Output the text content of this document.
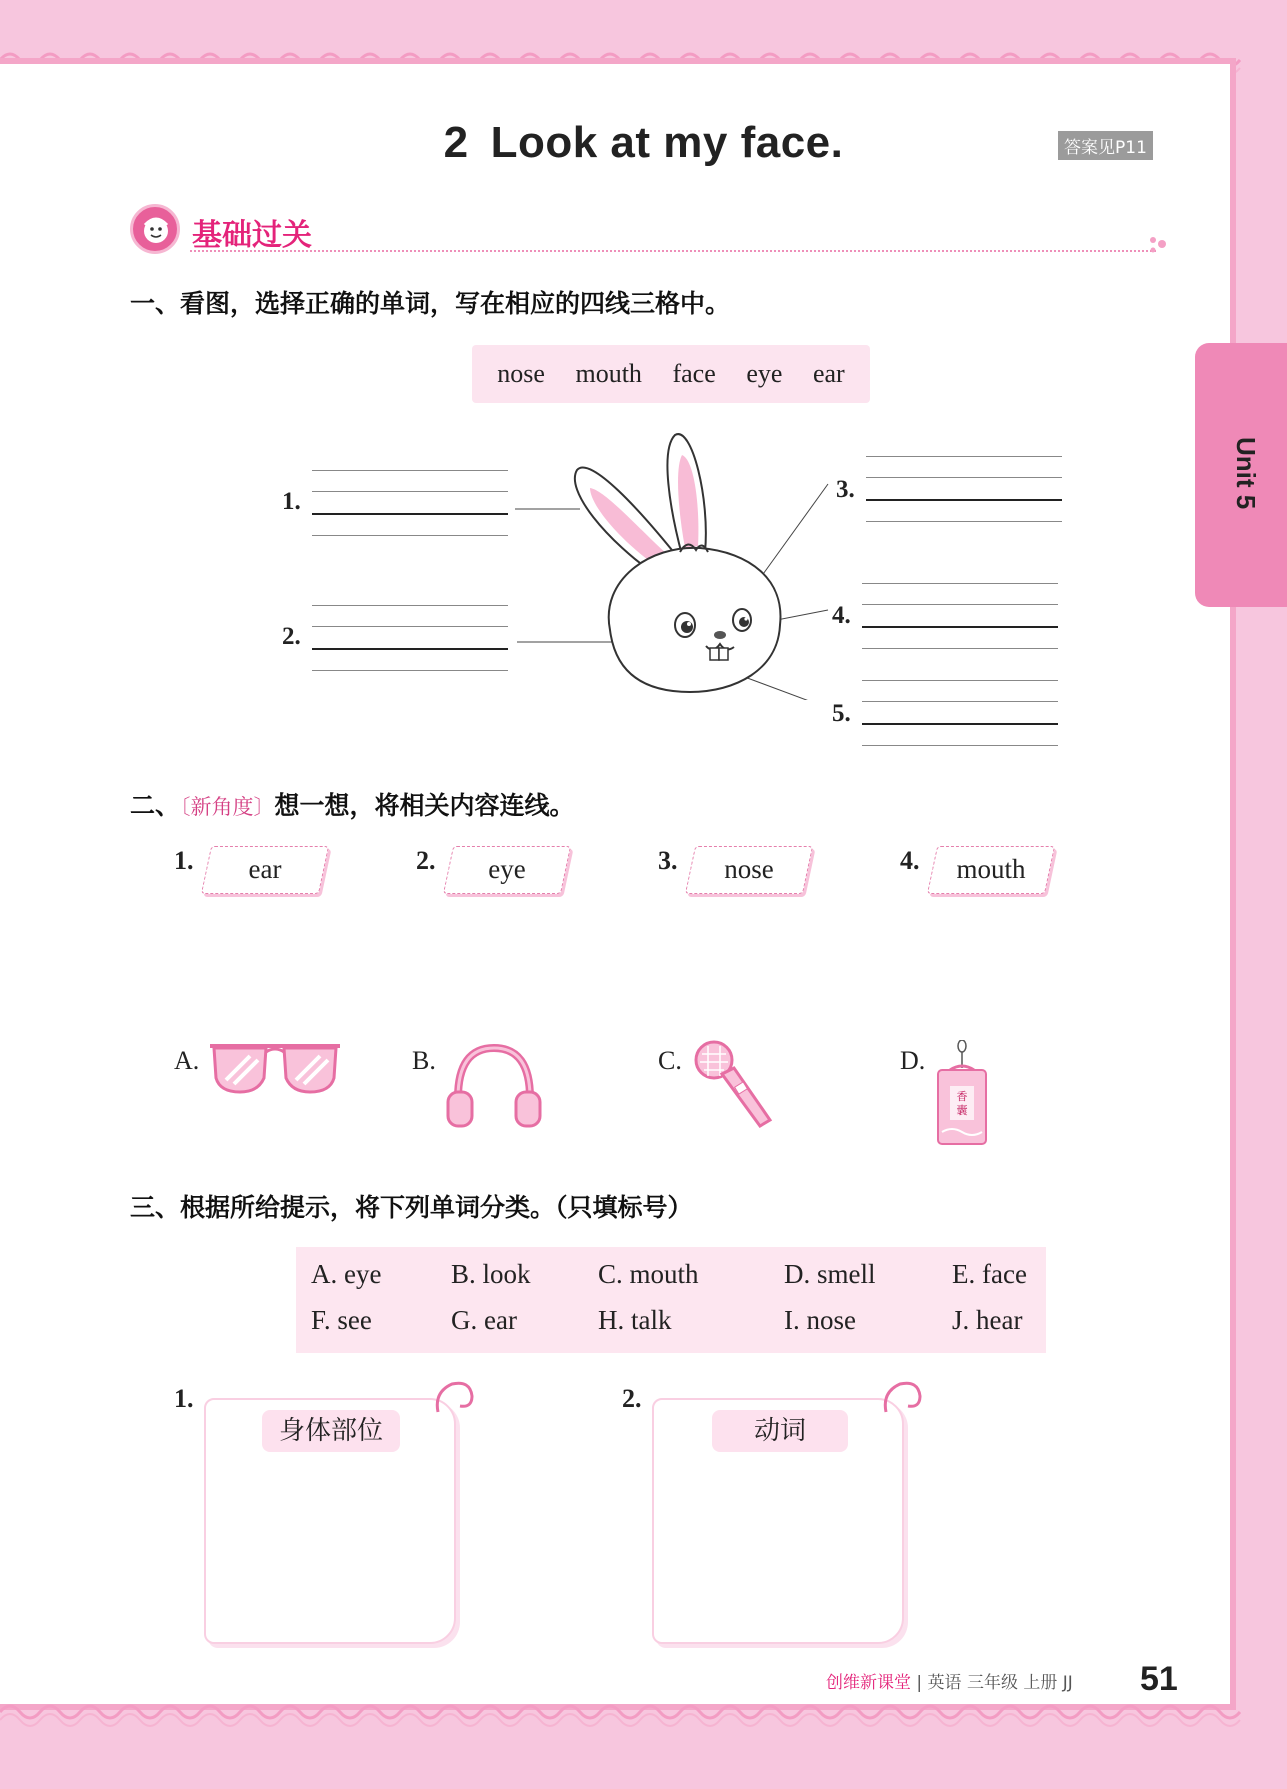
2 Look at my face.	答案见P11
Unit 5
基础过关
一、看图，选择正确的单词，写在相应的四线三格中。
nose mouth face eye ear
1.
2.
3.
4.
5.
二、〔新角度〕想一想，将相关内容连线。
1.	ear	2.	eye	3.	nose	4.	mouth
A.	B.	C.	D.
香
囊
三、根据所给提示，将下列单词分类。（只填标号）
A. eye	B. look C. mouth	D. smell	E. face
F. see	G. ear	H. talk	I. nose	J. hear
1.
身体部位
2.
动词
创维新课堂 | 英语 三年级 上册 JJ 51
